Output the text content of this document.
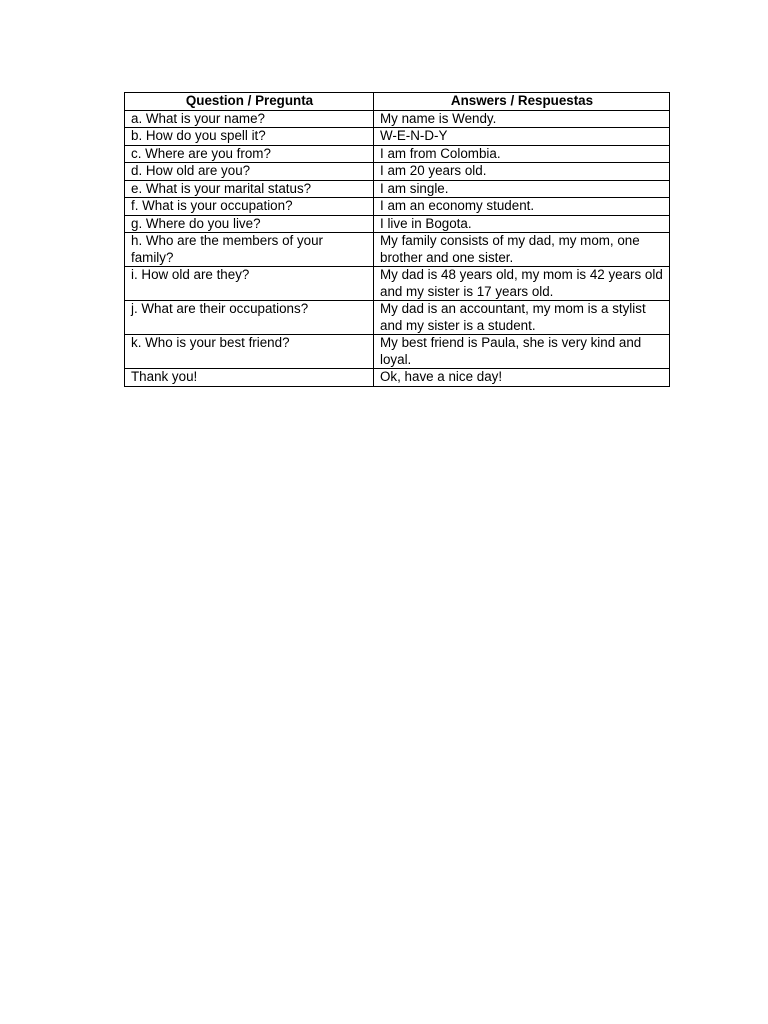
Question / Pregunta	Answers / Respuestas
a. What is your name?	My name is Wendy.
b. How do you spell it?	W-E-N-D-Y
c. Where are you from?	I am from Colombia.
d. How old are you?	I am 20 years old.
e. What is your marital status?	I am single.
f. What is your occupation?	I am an economy student.
g. Where do you live?	I live in Bogota.
h. Who are the members of your family?	My family consists of my dad, my mom, one brother and one sister.
i. How old are they?	My dad is 48 years old, my mom is 42 years old and my sister is 17 years old.
j. What are their occupations?	My dad is an accountant, my mom is a stylist and my sister is a student.
k. Who is your best friend?	My best friend is Paula, she is very kind and loyal.
Thank you!	Ok, have a nice day!
